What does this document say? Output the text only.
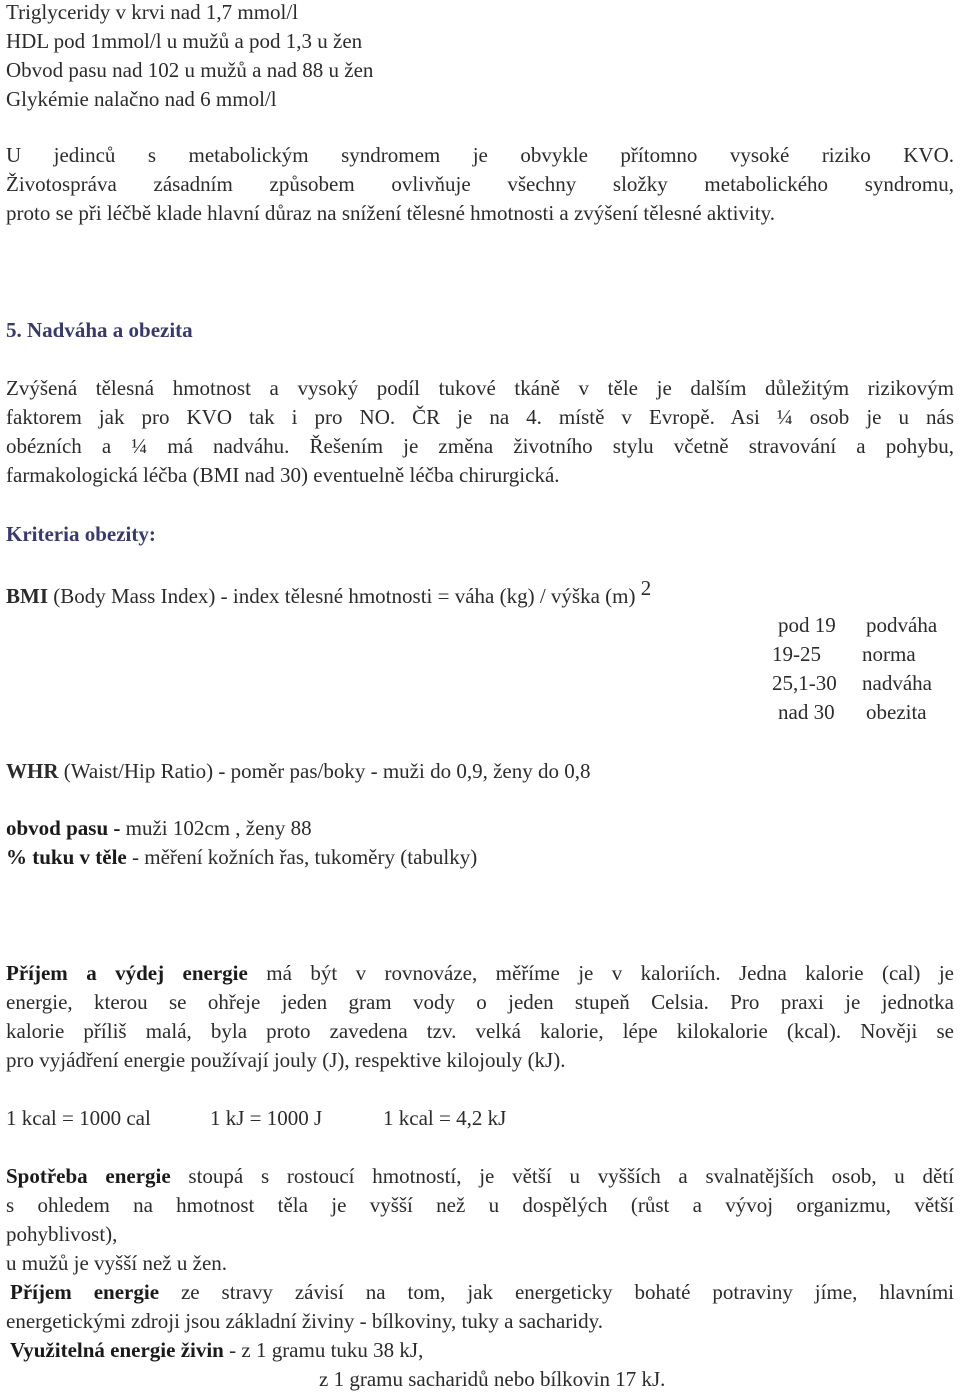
Triglyceridy v krvi nad 1,7 mmol/l
HDL pod 1mmol/l u mužů a pod 1,3 u žen
Obvod pasu nad 102 u mužů a nad 88 u žen
Glykémie nalačno nad 6 mmol/l
U jedinců s metabolickým syndromem je obvykle přítomno vysoké riziko KVO.
Životospráva zásadním způsobem ovlivňuje všechny složky metabolického syndromu,
proto se při léčbě klade hlavní důraz na snížení tělesné hmotnosti a zvýšení tělesné aktivity.
5. Nadváha a obezita
Zvýšená tělesná hmotnost a vysoký podíl tukové tkáně v těle je dalším důležitým rizikovým
faktorem jak pro KVO tak i pro NO. ČR je na 4. místě v Evropě. Asi ¼ osob je u nás
obézních a ¼ má nadváhu. Řešením je změna životního stylu včetně stravování a pohybu,
farmakologická léčba (BMI nad 30) eventuelně léčba chirurgická.
Kriteria obezity:
BMI (Body Mass Index) - index tělesné hmotnosti = váha (kg) / výška (m) 2
pod 19 podváha
19-25 norma
25,1-30 nadváha
nad 30 obezita
WHR (Waist/Hip Ratio) - poměr pas/boky - muži do 0,9, ženy do 0,8
obvod pasu - muži 102cm , ženy 88
% tuku v těle - měření kožních řas, tukoměry (tabulky)
Příjem a výdej energie má být v rovnováze, měříme je v kaloriích. Jedna kalorie (cal) je
energie, kterou se ohřeje jeden gram vody o jeden stupeň Celsia. Pro praxi je jednotka
kalorie příliš malá, byla proto zavedena tzv. velká kalorie, lépe kilokalorie (kcal). Nověji se
pro vyjádření energie používají jouly (J), respektive kilojouly (kJ).
1 kcal = 1000 cal	1 kJ = 1000 J	1 kcal = 4,2 kJ
Spotřeba energie stoupá s rostoucí hmotností, je větší u vyšších a svalnatějších osob, u dětí
s ohledem na hmotnost těla je vyšší než u dospělých (růst a vývoj organizmu, větší
pohyblivost),
u mužů je vyšší než u žen.
Příjem energie ze stravy závisí na tom, jak energeticky bohaté potraviny jíme, hlavními
energetickými zdroji jsou základní živiny - bílkoviny, tuky a sacharidy.
Využitelná energie živin - z 1 gramu tuku 38 kJ,
z 1 gramu sacharidů nebo bílkovin 17 kJ.
